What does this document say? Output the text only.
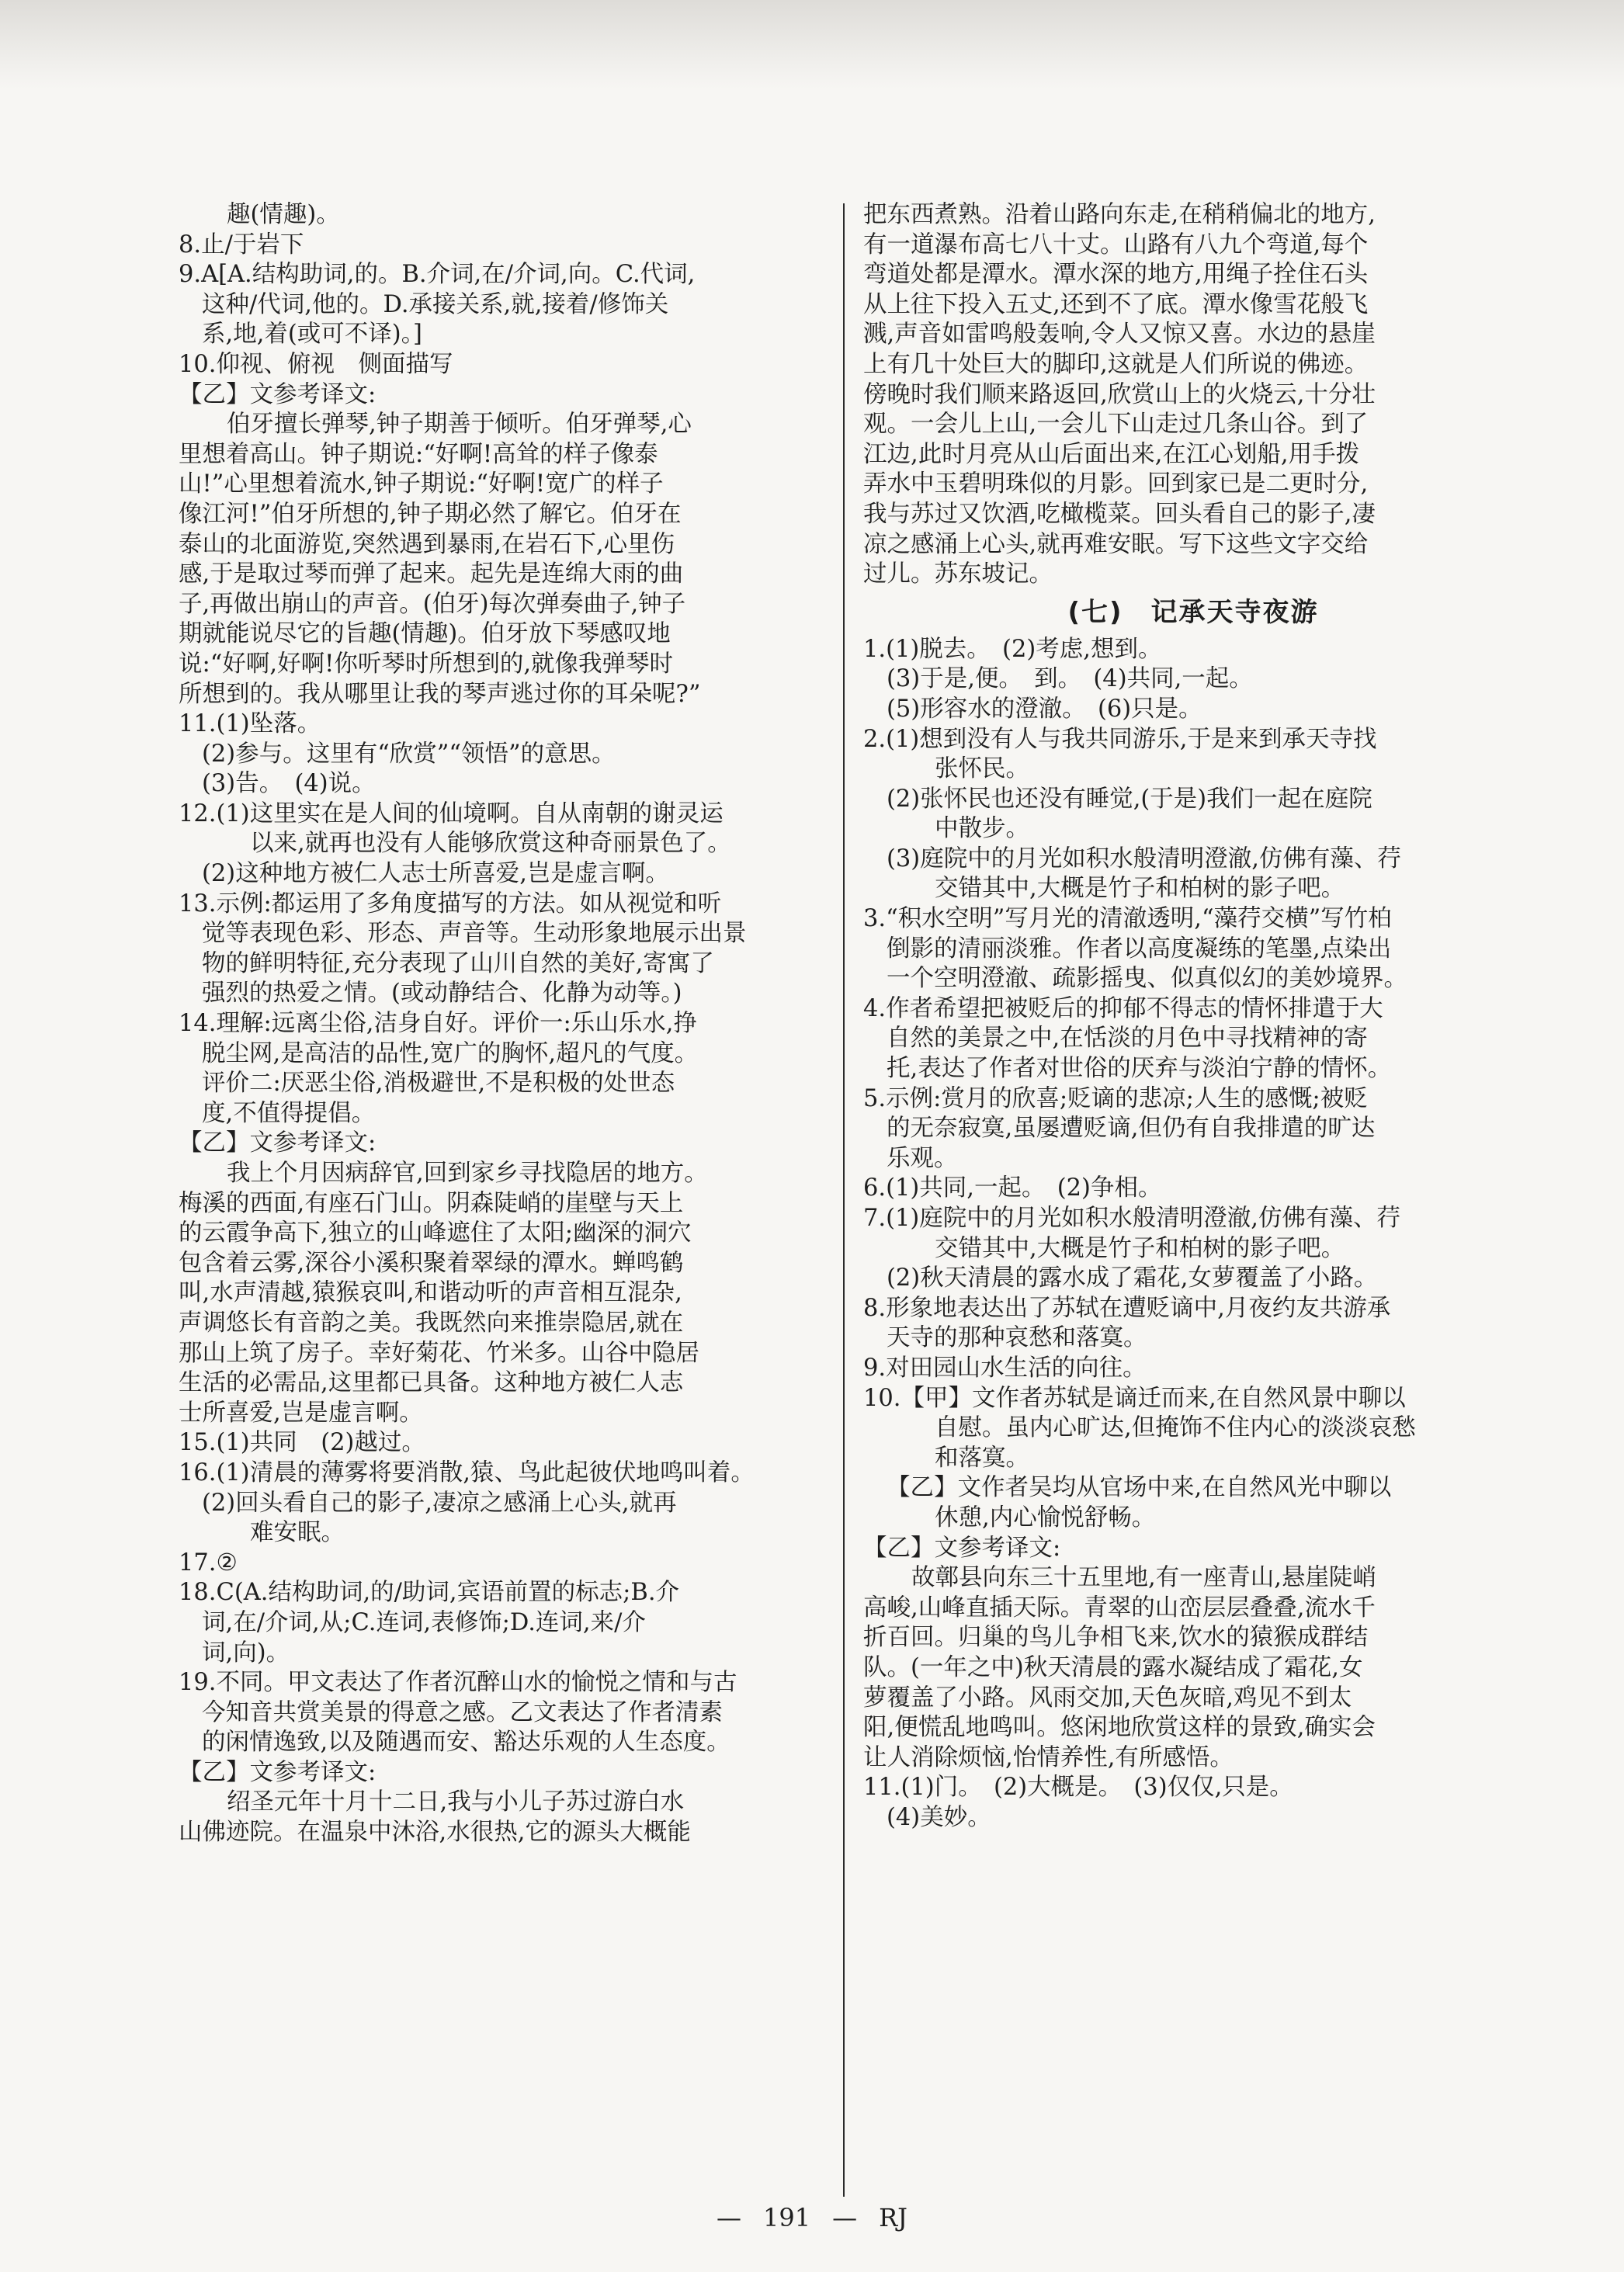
趣(情趣)。
8.止/于岩下
9.A[A.结构助词,的。B.介词,在/介词,向。C.代词,
这种/代词,他的。D.承接关系,就,接着/修饰关
系,地,着(或可不译)。]
10.仰视、俯视　侧面描写
【乙】文参考译文:
伯牙擅长弹琴,钟子期善于倾听。伯牙弹琴,心
里想着高山。钟子期说:“好啊!高耸的样子像泰
山!”心里想着流水,钟子期说:“好啊!宽广的样子
像江河!”伯牙所想的,钟子期必然了解它。伯牙在
泰山的北面游览,突然遇到暴雨,在岩石下,心里伤
感,于是取过琴而弹了起来。起先是连绵大雨的曲
子,再做出崩山的声音。(伯牙)每次弹奏曲子,钟子
期就能说尽它的旨趣(情趣)。伯牙放下琴感叹地
说:“好啊,好啊!你听琴时所想到的,就像我弹琴时
所想到的。我从哪里让我的琴声逃过你的耳朵呢?”
11.(1)坠落。
(2)参与。这里有“欣赏”“领悟”的意思。
(3)告。　(4)说。
12.(1)这里实在是人间的仙境啊。自从南朝的谢灵运
以来,就再也没有人能够欣赏这种奇丽景色了。
(2)这种地方被仁人志士所喜爱,岂是虚言啊。
13.示例:都运用了多角度描写的方法。如从视觉和听
觉等表现色彩、形态、声音等。生动形象地展示出景
物的鲜明特征,充分表现了山川自然的美好,寄寓了
强烈的热爱之情。(或动静结合、化静为动等。)
14.理解:远离尘俗,洁身自好。评价一:乐山乐水,挣
脱尘网,是高洁的品性,宽广的胸怀,超凡的气度。
评价二:厌恶尘俗,消极避世,不是积极的处世态
度,不值得提倡。
【乙】文参考译文:
我上个月因病辞官,回到家乡寻找隐居的地方。
梅溪的西面,有座石门山。阴森陡峭的崖壁与天上
的云霞争高下,独立的山峰遮住了太阳;幽深的洞穴
包含着云雾,深谷小溪积聚着翠绿的潭水。蝉鸣鹤
叫,水声清越,猿猴哀叫,和谐动听的声音相互混杂,
声调悠长有音韵之美。我既然向来推崇隐居,就在
那山上筑了房子。幸好菊花、竹米多。山谷中隐居
生活的必需品,这里都已具备。这种地方被仁人志
士所喜爱,岂是虚言啊。
15.(1)共同　(2)越过。
16.(1)清晨的薄雾将要消散,猿、鸟此起彼伏地鸣叫着。
(2)回头看自己的影子,凄凉之感涌上心头,就再
难安眠。
17.②
18.C(A.结构助词,的/助词,宾语前置的标志;B.介
词,在/介词,从;C.连词,表修饰;D.连词,来/介
词,向)。
19.不同。甲文表达了作者沉醉山水的愉悦之情和与古
今知音共赏美景的得意之感。乙文表达了作者清素
的闲情逸致,以及随遇而安、豁达乐观的人生态度。
【乙】文参考译文:
绍圣元年十月十二日,我与小儿子苏过游白水
山佛迹院。在温泉中沐浴,水很热,它的源头大概能
把东西煮熟。沿着山路向东走,在稍稍偏北的地方,
有一道瀑布高七八十丈。山路有八九个弯道,每个
弯道处都是潭水。潭水深的地方,用绳子拴住石头
从上往下投入五丈,还到不了底。潭水像雪花般飞
溅,声音如雷鸣般轰响,令人又惊又喜。水边的悬崖
上有几十处巨大的脚印,这就是人们所说的佛迹。
傍晚时我们顺来路返回,欣赏山上的火烧云,十分壮
观。一会儿上山,一会儿下山走过几条山谷。到了
江边,此时月亮从山后面出来,在江心划船,用手拨
弄水中玉碧明珠似的月影。回到家已是二更时分,
我与苏过又饮酒,吃橄榄菜。回头看自己的影子,凄
凉之感涌上心头,就再难安眠。写下这些文字交给
过儿。苏东坡记。
(七)　记承天寺夜游
1.(1)脱去。　(2)考虑,想到。
(3)于是,便。　到。　(4)共同,一起。
(5)形容水的澄澈。　(6)只是。
2.(1)想到没有人与我共同游乐,于是来到承天寺找
张怀民。
(2)张怀民也还没有睡觉,(于是)我们一起在庭院
中散步。
(3)庭院中的月光如积水般清明澄澈,仿佛有藻、荇
交错其中,大概是竹子和柏树的影子吧。
3.“积水空明”写月光的清澈透明,“藻荇交横”写竹柏
倒影的清丽淡雅。作者以高度凝练的笔墨,点染出
一个空明澄澈、疏影摇曳、似真似幻的美妙境界。
4.作者希望把被贬后的抑郁不得志的情怀排遣于大
自然的美景之中,在恬淡的月色中寻找精神的寄
托,表达了作者对世俗的厌弃与淡泊宁静的情怀。
5.示例:赏月的欣喜;贬谪的悲凉;人生的感慨;被贬
的无奈寂寞,虽屡遭贬谪,但仍有自我排遣的旷达
乐观。
6.(1)共同,一起。　(2)争相。
7.(1)庭院中的月光如积水般清明澄澈,仿佛有藻、荇
交错其中,大概是竹子和柏树的影子吧。
(2)秋天清晨的露水成了霜花,女萝覆盖了小路。
8.形象地表达出了苏轼在遭贬谪中,月夜约友共游承
天寺的那种哀愁和落寞。
9.对田园山水生活的向往。
10.【甲】文作者苏轼是谪迁而来,在自然风景中聊以
自慰。虽内心旷达,但掩饰不住内心的淡淡哀愁
和落寞。
【乙】文作者吴均从官场中来,在自然风光中聊以
休憩,内心愉悦舒畅。
【乙】文参考译文:
故鄣县向东三十五里地,有一座青山,悬崖陡峭
高峻,山峰直插天际。青翠的山峦层层叠叠,流水千
折百回。归巢的鸟儿争相飞来,饮水的猿猴成群结
队。(一年之中)秋天清晨的露水凝结成了霜花,女
萝覆盖了小路。风雨交加,天色灰暗,鸡见不到太
阳,便慌乱地鸣叫。悠闲地欣赏这样的景致,确实会
让人消除烦恼,怡情养性,有所感悟。
11.(1)门。　(2)大概是。　(3)仅仅,只是。
(4)美妙。
— 191 — RJ
